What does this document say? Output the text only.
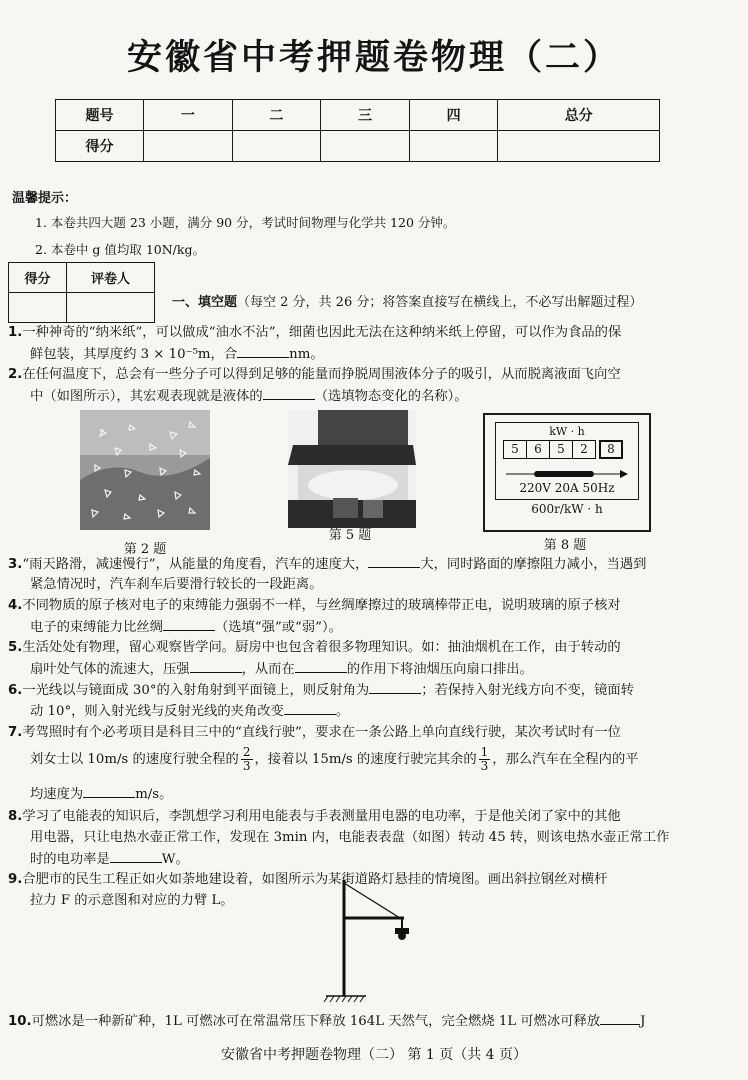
安徽省中考押题卷物理（二）
题号	一	二	三	四	总分
得分					
温馨提示：
1. 本卷共四大题 23 小题，满分 90 分，考试时间物理与化学共 120 分钟。
2. 本卷中 g 值均取 10N/kg。
得分	评卷人

一、填空题（每空 2 分，共 26 分；将答案直接写在横线上，不必写出解题过程）
1.一种神奇的“纳米纸”，可以做成“油水不沾”，细菌也因此无法在这种纳米纸上停留，可以作为食品的保
鲜包装，其厚度约 3 × 10⁻⁵m，合	nm。
2.在任何温度下，总会有一些分子可以得到足够的能量而挣脱周围液体分子的吸引，从而脱离液面飞向空
中（如图所示），其宏观表现就是液体的	（选填物态变化的名称）。
第 2 题
第 5 题
kW · h
5	6	5	2	8
220V 20A 50Hz
600r/kW · h
第 8 题
3.“雨天路滑，减速慢行”，从能量的角度看，汽车的速度大，	大，同时路面的摩擦阻力减小，当遇到
紧急情况时，汽车刹车后要滑行较长的一段距离。
4.不同物质的原子核对电子的束缚能力强弱不一样，与丝绸摩擦过的玻璃棒带正电，说明玻璃的原子核对
电子的束缚能力比丝绸	（选填“强”或“弱”）。
5.生活处处有物理，留心观察皆学问。厨房中也包含着很多物理知识。如：抽油烟机在工作，由于转动的
扇叶处气体的流速大，压强	，从而在	的作用下将油烟压向扇口排出。
6.一光线以与镜面成 30°的入射角射到平面镜上，则反射角为	；若保持入射光线方向不变，镜面转
动 10°，则入射光线与反射光线的夹角改变	。
7.考驾照时有个必考项目是科目三中的“直线行驶”，要求在一条公路上单向直线行驶，某次考试时有一位
刘女士以 10m/s 的速度行驶全程的 $\frac{2}{3}$ ，接着以 15m/s 的速度行驶完其余的 $\frac{1}{3}$ ，那么汽车在全程内的平
均速度为	m/s。
8.学习了电能表的知识后，李凯想学习利用电能表与手表测量用电器的电功率，于是他关闭了家中的其他
用电器，只让电热水壶正常工作，发现在 3min 内，电能表表盘（如图）转动 45 转，则该电热水壶正常工作
时的电功率是	W。
9.合肥市的民生工程正如火如荼地建设着，如图所示为某街道路灯悬挂的情境图。画出斜拉钢丝对横杆
拉力 F 的示意图和对应的力臂 L。
10.可燃冰是一种新矿种，1L 可燃冰可在常温常压下释放 164L 天然气，完全燃烧 1L 可燃冰可释放	J
安徽省中考押题卷物理（二） 第 1 页（共 4 页）
